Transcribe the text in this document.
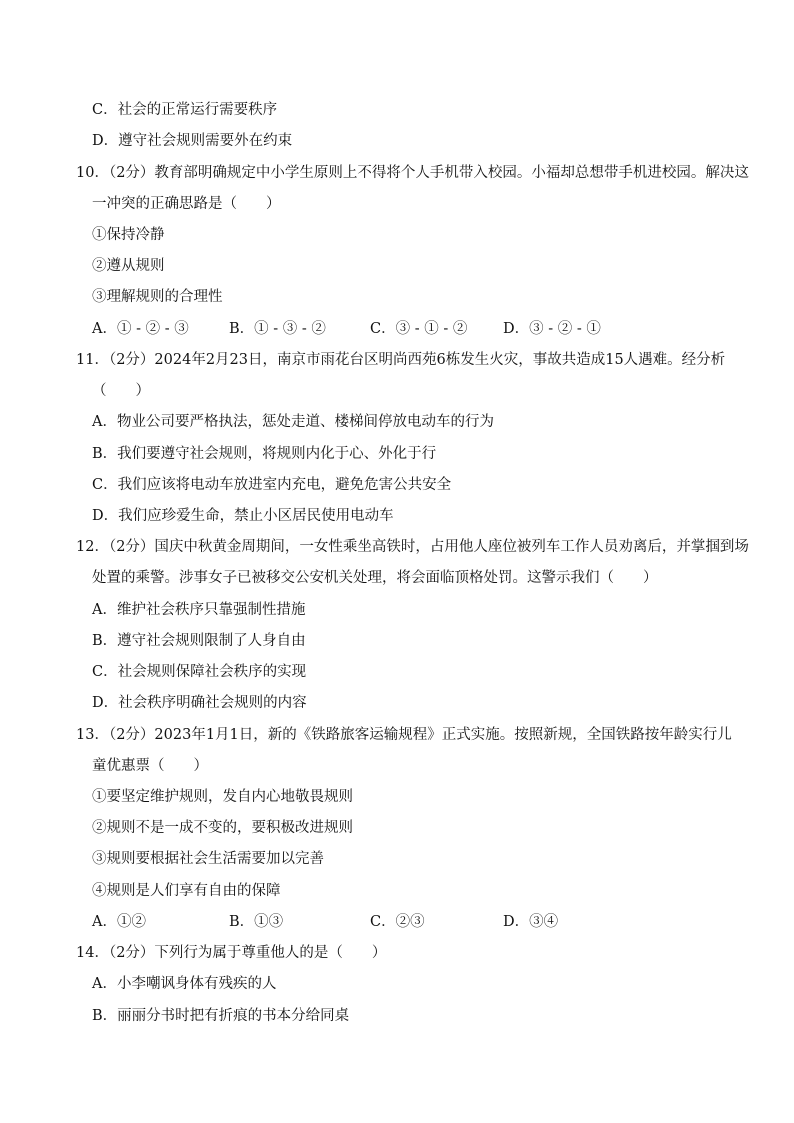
C．社会的正常运行需要秩序
D．遵守社会规则需要外在约束
10．（2分）教育部明确规定中小学生原则上不得将个人手机带入校园。小福却总想带手机进校园。解决这
一冲突的正确思路是（　　）
①保持冷静
②遵从规则
③理解规则的合理性
A．① - ② - ③	B．① - ③ - ②	C．③ - ① - ② D．③ - ② - ①
11．（2分）2024年2月23日，南京市雨花台区明尚西苑6栋发生火灾，事故共造成15人遇难。经分析
（　　）
A．物业公司要严格执法，惩处走道、楼梯间停放电动车的行为
B．我们要遵守社会规则，将规则内化于心、外化于行
C．我们应该将电动车放进室内充电，避免危害公共安全
D．我们应珍爱生命，禁止小区居民使用电动车
12．（2分）国庆中秋黄金周期间，一女性乘坐高铁时，占用他人座位被列车工作人员劝离后，并掌掴到场
处置的乘警。涉事女子已被移交公安机关处理，将会面临顶格处罚。这警示我们（　　）
A．维护社会秩序只靠强制性措施
B．遵守社会规则限制了人身自由
C．社会规则保障社会秩序的实现
D．社会秩序明确社会规则的内容
13．（2分）2023年1月1日，新的《铁路旅客运输规程》正式实施。按照新规，全国铁路按年龄实行儿
童优惠票（　　）
①要坚定维护规则，发自内心地敬畏规则
②规则不是一成不变的，要积极改进规则
③规则要根据社会生活需要加以完善
④规则是人们享有自由的保障
A．①②	B．①③	C．②③	D．③④
14．（2分）下列行为属于尊重他人的是（　　）
A．小李嘲讽身体有残疾的人
B．丽丽分书时把有折痕的书本分给同桌
